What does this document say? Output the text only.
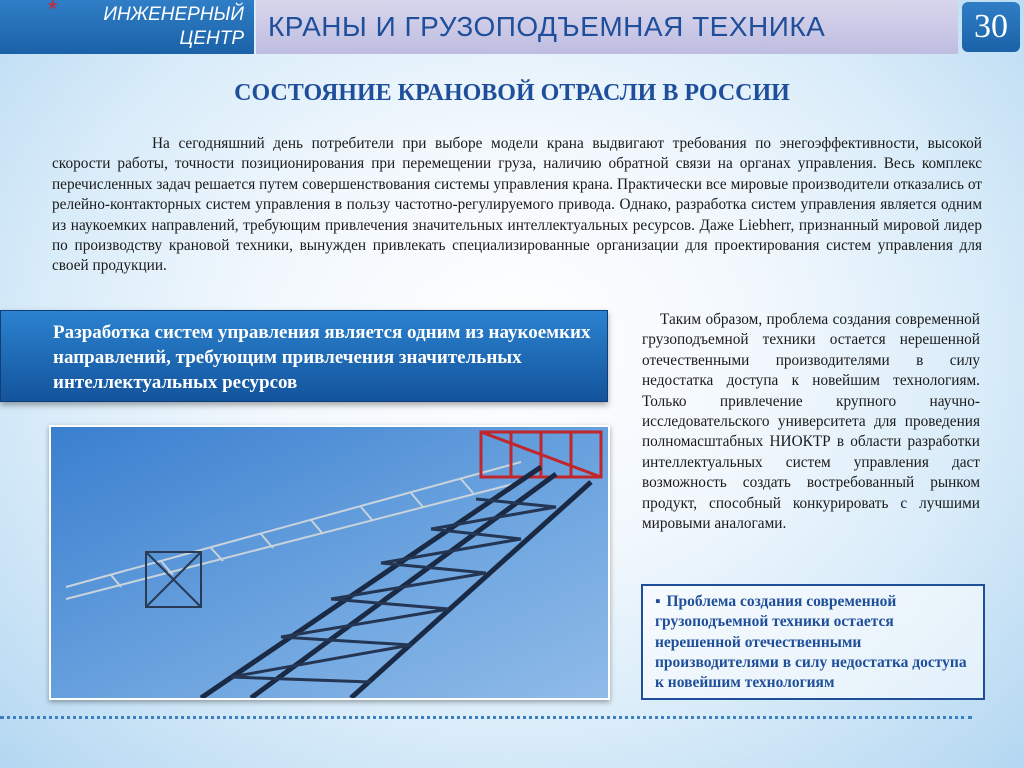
*	ИНЖЕНЕРНЫЙ
ЦЕНТР КРАНЫ И ГРУЗОПОДЪЕМНАЯ ТЕХНИКА	30
СОСТОЯНИЕ КРАНОВОЙ ОТРАСЛИ В РОССИИ
На сегодняшний день потребители при выборе модели крана выдвигают требования по энегоэффективности, высокой скорости работы, точности позиционирования при перемещении груза, наличию обратной связи на органах управления. Весь комплекс перечисленных задач решается путем совершенствования системы управления крана. Практически все мировые производители отказались от релейно-контакторных систем управления в пользу частотно-регулируемого привода. Однако, разработка систем управления является одним из наукоемких направлений, требующим привлечения значительных интеллектуальных ресурсов. Даже Liebherr, признанный мировой лидер по производству крановой техники, вынужден привлекать специализированные организации для проектирования систем управления для своей продукции.
Разработка систем управления является одним из наукоемких направлений, требующим привлечения значительных интеллектуальных ресурсов
Таким образом, проблема создания современной грузоподъемной техники остается нерешенной отечественными производителями в силу недостатка доступа к новейшим технологиям. Только привлечение крупного научно-исследовательского университета для проведения полномасштабных НИОКТР в области разработки интеллектуальных систем управления даст возможность создать востребованный рынком продукт, способный конкурировать с лучшими мировыми аналогами.
▪ Проблема создания современной грузоподъемной техники остается нерешенной отечественными производителями в силу недостатка доступа к новейшим технологиям
